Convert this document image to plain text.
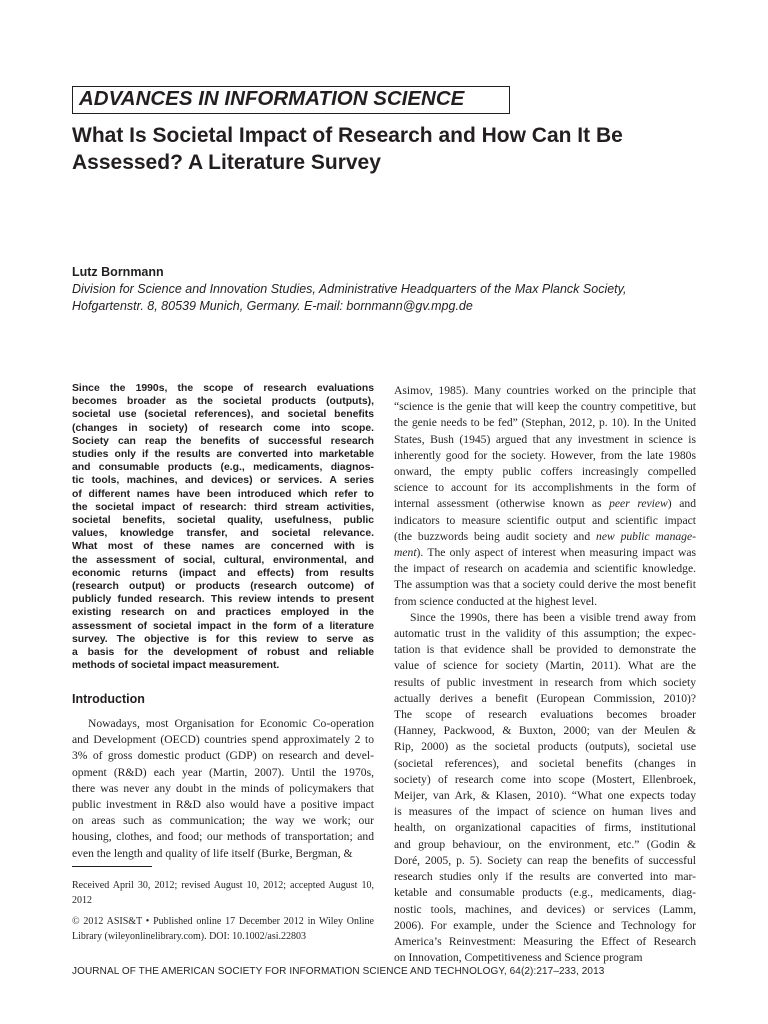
ADVANCES IN INFORMATION SCIENCE
What Is Societal Impact of Research and How Can It Be
Assessed? A Literature Survey
Lutz Bornmann
Division for Science and Innovation Studies, Administrative Headquarters of the Max Planck Society,
Hofgartenstr. 8, 80539 Munich, Germany. E-mail: bornmann@gv.mpg.de
Since the 1990s, the scope of research evaluations
becomes broader as the societal products (outputs),
societal use (societal references), and societal benefits
(changes in society) of research come into scope.
Society can reap the benefits of successful research
studies only if the results are converted into marketable
and consumable products (e.g., medicaments, diagnos-
tic tools, machines, and devices) or services. A series
of different names have been introduced which refer to
the societal impact of research: third stream activities,
societal benefits, societal quality, usefulness, public
values, knowledge transfer, and societal relevance.
What most of these names are concerned with is
the assessment of social, cultural, environmental, and
economic returns (impact and effects) from results
(research output) or products (research outcome) of
publicly funded research. This review intends to present
existing research on and practices employed in the
assessment of societal impact in the form of a literature
survey. The objective is for this review to serve as
a basis for the development of robust and reliable
methods of societal impact measurement.
Introduction
Nowadays, most Organisation for Economic Co-operation
and Development (OECD) countries spend approximately 2 to
3% of gross domestic product (GDP) on research and devel-
opment (R&D) each year (Martin, 2007). Until the 1970s,
there was never any doubt in the minds of policymakers that
public investment in R&D also would have a positive impact
on areas such as communication; the way we work; our
housing, clothes, and food; our methods of transportation; and
even the length and quality of life itself (Burke, Bergman, &
Received April 30, 2012; revised August 10, 2012; accepted August 10,
2012
© 2012 ASIS&T • Published online 17 December 2012 in Wiley Online
Library (wileyonlinelibrary.com). DOI: 10.1002/asi.22803
Asimov, 1985). Many countries worked on the principle that
“science is the genie that will keep the country competitive, but
the genie needs to be fed” (Stephan, 2012, p. 10). In the United
States, Bush (1945) argued that any investment in science is
inherently good for the society. However, from the late 1980s
onward, the empty public coffers increasingly compelled
science to account for its accomplishments in the form of
internal assessment (otherwise known as peer review) and
indicators to measure scientific output and scientific impact
(the buzzwords being audit society and new public manage-
ment). The only aspect of interest when measuring impact was
the impact of research on academia and scientific knowledge.
The assumption was that a society could derive the most benefit
from science conducted at the highest level.
Since the 1990s, there has been a visible trend away from
automatic trust in the validity of this assumption; the expec-
tation is that evidence shall be provided to demonstrate the
value of science for society (Martin, 2011). What are the
results of public investment in research from which society
actually derives a benefit (European Commission, 2010)?
The scope of research evaluations becomes broader
(Hanney, Packwood, & Buxton, 2000; van der Meulen &
Rip, 2000) as the societal products (outputs), societal use
(societal references), and societal benefits (changes in
society) of research come into scope (Mostert, Ellenbroek,
Meijer, van Ark, & Klasen, 2010). “What one expects today
is measures of the impact of science on human lives and
health, on organizational capacities of firms, institutional
and group behaviour, on the environment, etc.” (Godin &
Doré, 2005, p. 5). Society can reap the benefits of successful
research studies only if the results are converted into mar-
ketable and consumable products (e.g., medicaments, diag-
nostic tools, machines, and devices) or services (Lamm,
2006). For example, under the Science and Technology for
America’s Reinvestment: Measuring the Effect of Research
on Innovation, Competitiveness and Science program
JOURNAL OF THE AMERICAN SOCIETY FOR INFORMATION SCIENCE AND TECHNOLOGY, 64(2):217–233, 2013
